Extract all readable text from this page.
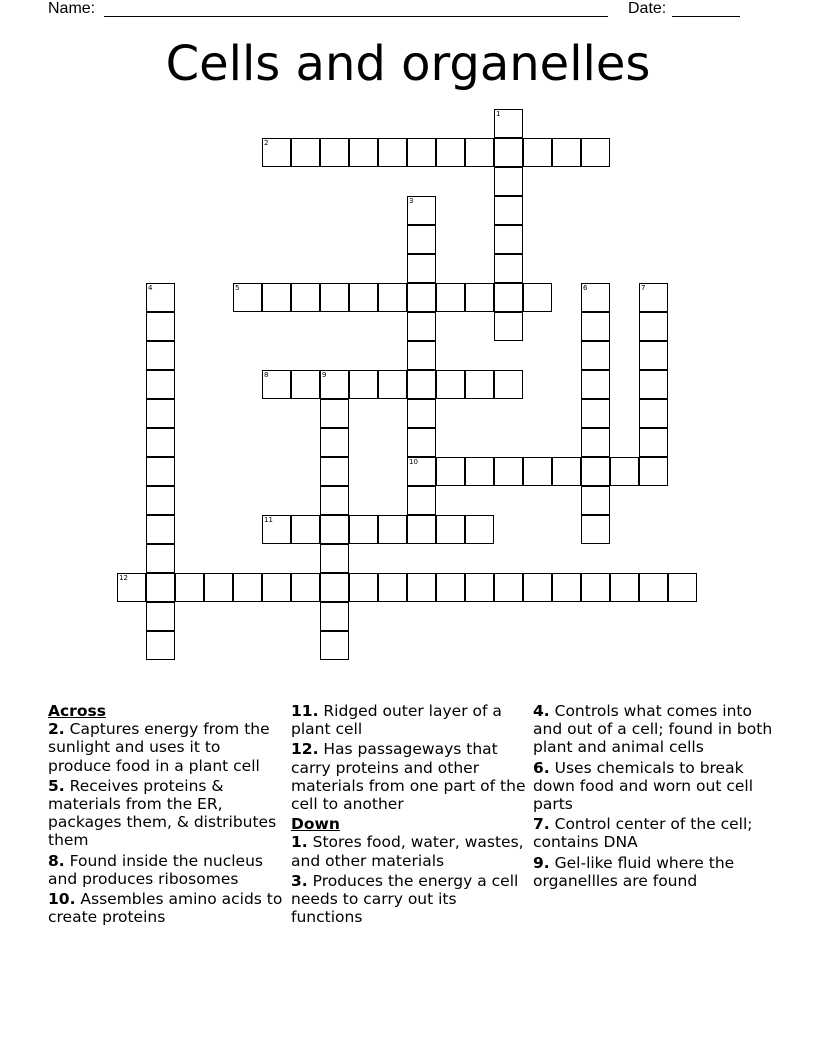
Name:	Date:
Cells and organelles
1
2
3
10
4	5	6	7
8	9
11
12
Across
2. Captures energy from the sunlight and uses it to produce food in a plant cell
5. Receives proteins & materials from the ER, packages them, & distributes them
8. Found inside the nucleus and produces ribosomes
10. Assembles amino acids to create proteins
11. Ridged outer layer of a plant cell
12. Has passageways that carry proteins and other materials from one part of the cell to another
Down
1. Stores food, water, wastes, and other materials
3. Produces the energy a cell needs to carry out its functions
4. Controls what comes into and out of a cell; found in both plant and animal cells
6. Uses chemicals to break down food and worn out cell parts
7. Control center of the cell; contains DNA
9. Gel-like fluid where the organellles are found
